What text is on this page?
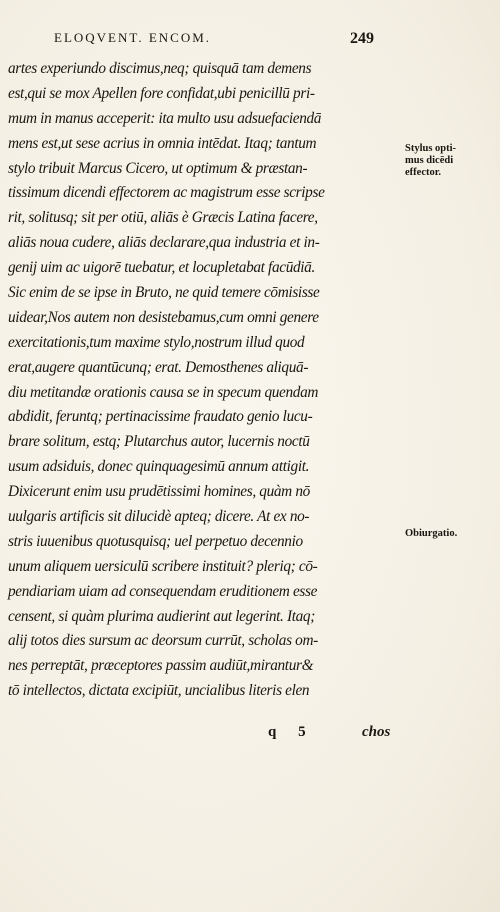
ELOQVENT. ENCOM.	249
artes experiundo discimus,neq; quisquā tam demens
est,qui se mox Apellen fore confidat,ubi penicillū pri-
mum in manus acceperit: ita multo usu adsuefaciendā
mens est,ut sese acrius in omnia intēdat. Itaq; tantum
stylo tribuit Marcus Cicero, ut optimum & præstan-
tissimum dicendi effectorem ac magistrum esse scripse
rit, solitusq; sit per otiū, aliās è Græcis Latina facere,
aliās noua cudere, aliās declarare,qua industria et in-
genij uim ac uigorē tuebatur, et locupletabat facūdiā.
Sic enim de se ipse in Bruto, ne quid temere cōmisisse
uidear,Nos autem non desistebamus,cum omni genere
exercitationis,tum maxime stylo,nostrum illud quod
erat,augere quantūcunq; erat. Demosthenes aliquā-
diu metitandæ orationis causa se in specum quendam
abdidit, feruntq; pertinacissime fraudato genio lucu-
brare solitum, estq; Plutarchus autor, lucernis noctū
usum adsiduis, donec quinquagesimū annum attigit.
Dixicerunt enim usu prudētissimi homines, quàm nō
uulgaris artificis sit dilucidè apteq; dicere. At ex no-
stris iuuenibus quotusquisq; uel perpetuo decennio
unum aliquem uersiculū scribere instituit? pleriq; cō-
pendiariam uiam ad consequendam eruditionem esse
censent, si quàm plurima audierint aut legerint. Itaq;
alij totos dies sursum ac deorsum currūt, scholas om-
nes perreptāt, præceptores passim audiūt,mirantur&
tō intellectos, dictata excipiūt, uncialibus literis elen
Stylus opti-
mus dicēdi
effector.
Obiurgatio.
q 5	chos
